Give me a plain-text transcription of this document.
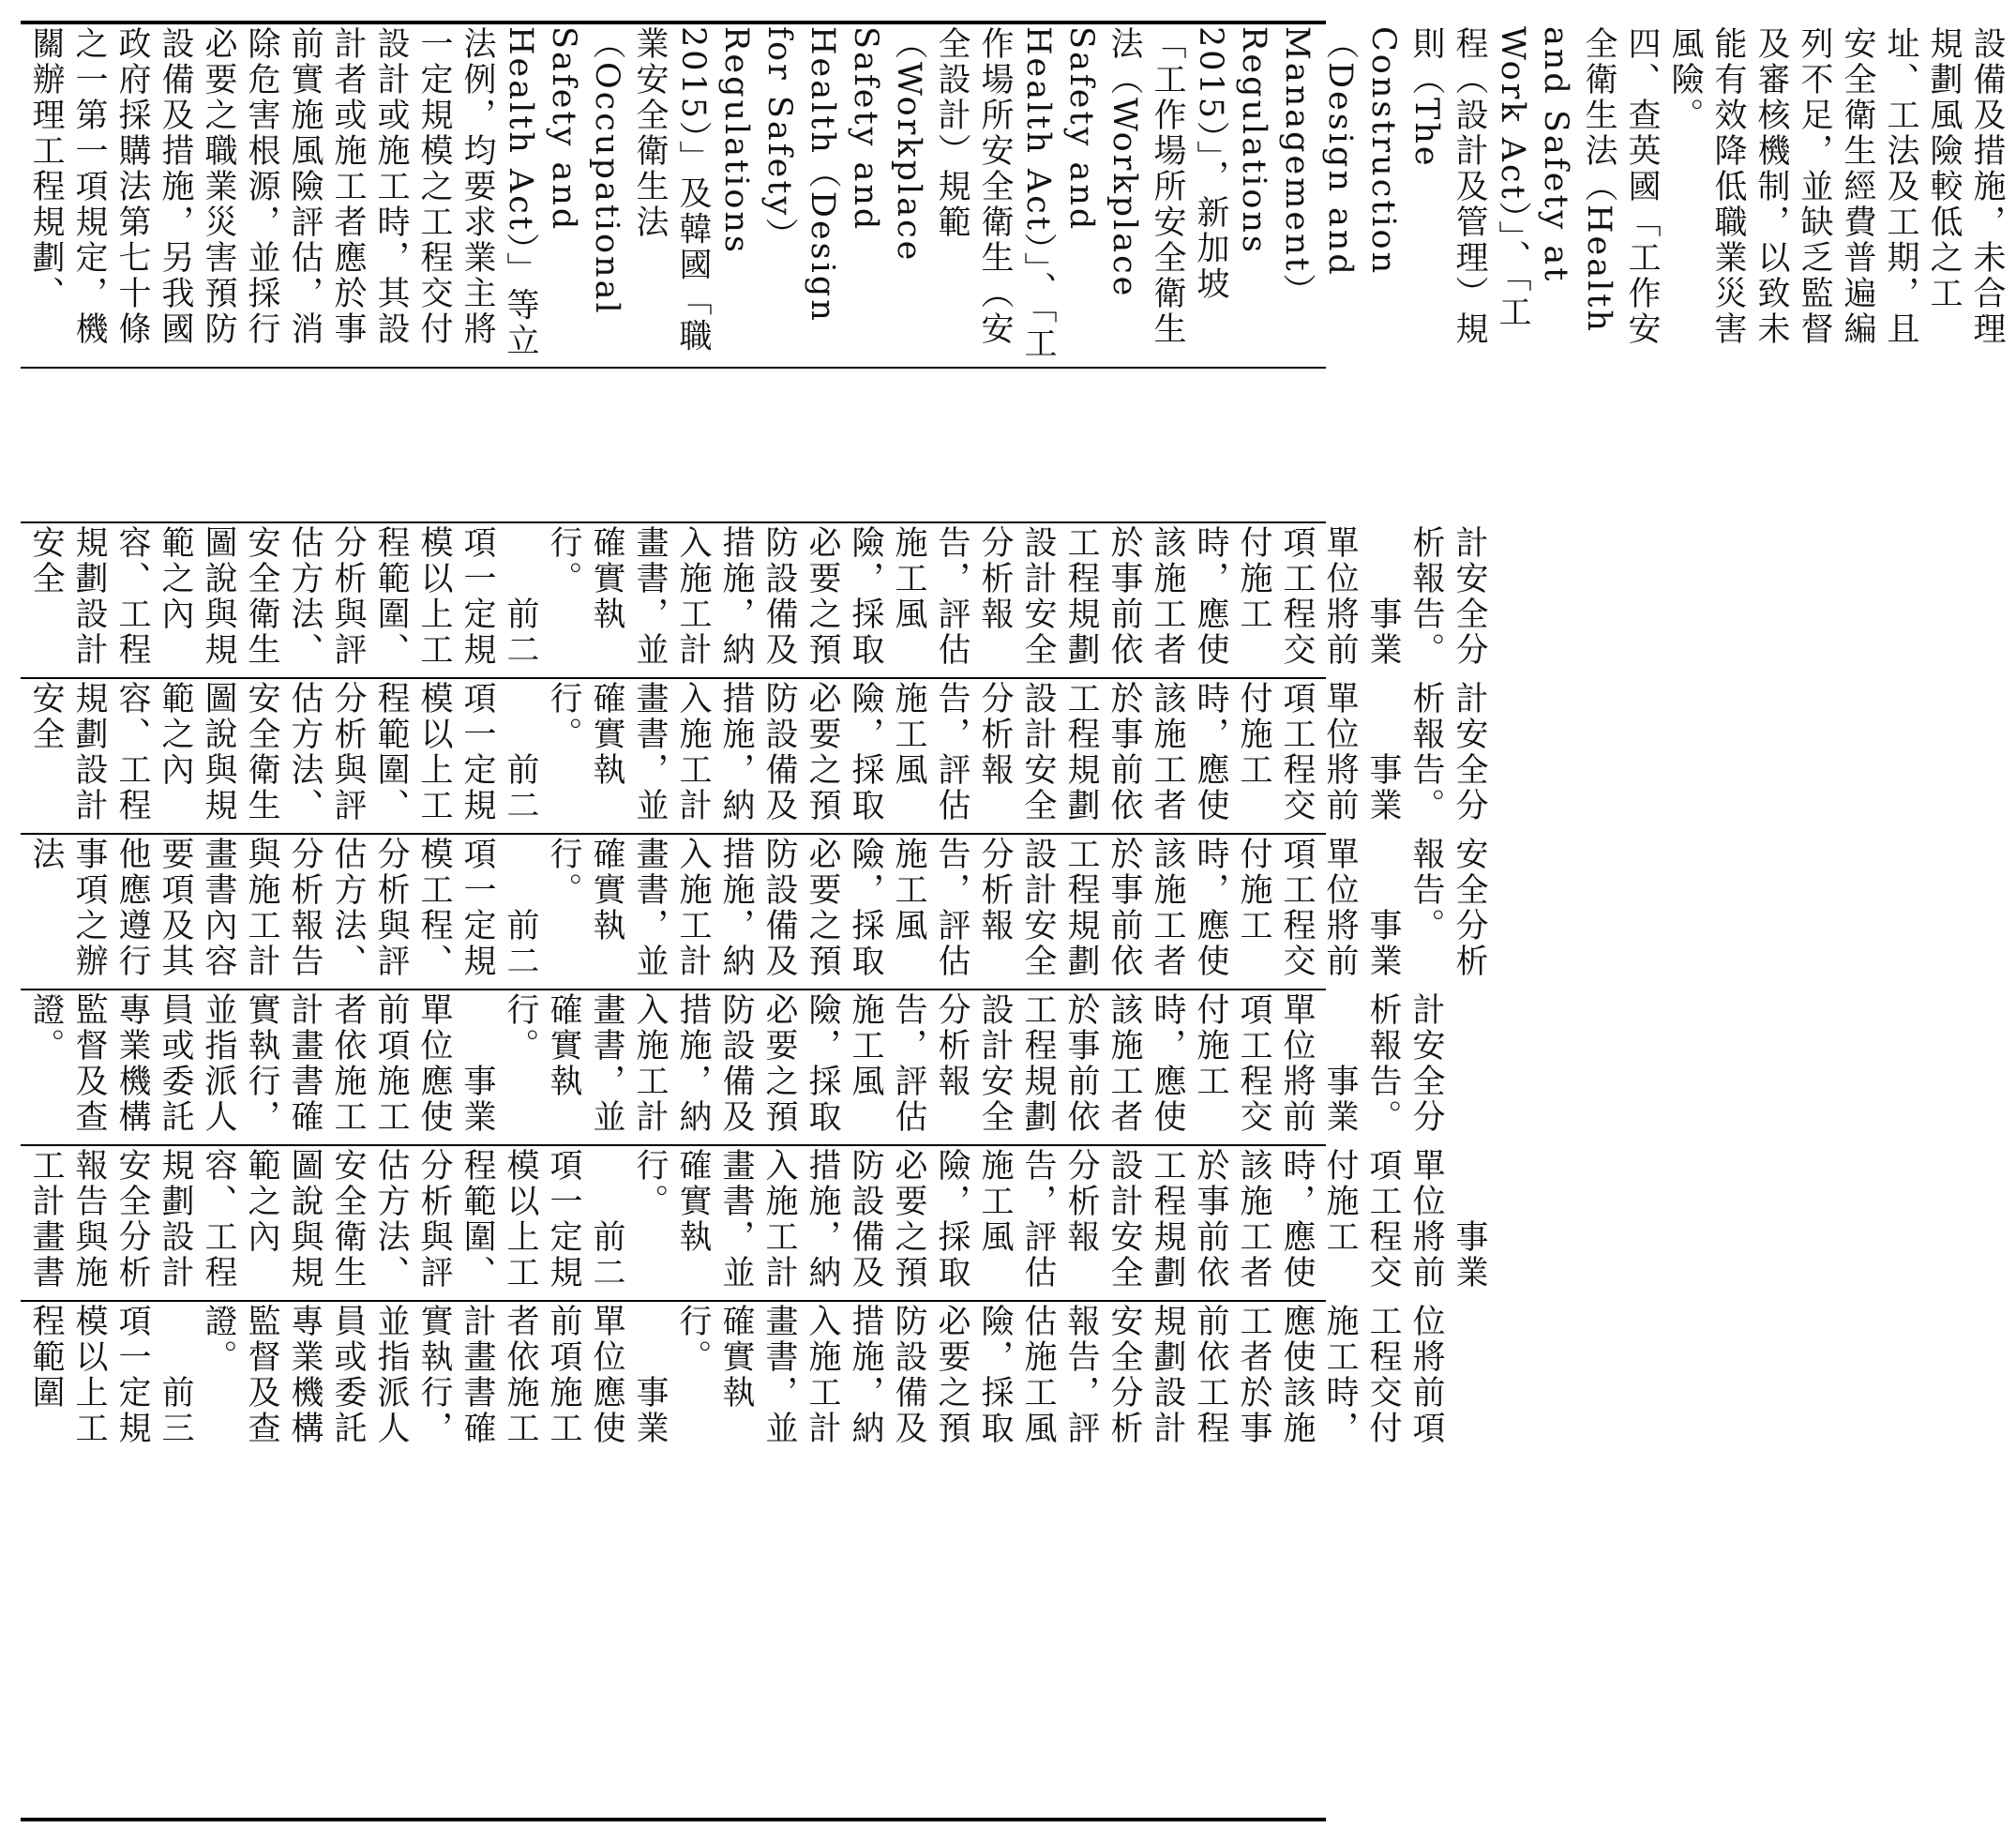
設備及措施，未合理規劃風險較低之工址、工法及工期，且安全衛生經費普遍編列不足，並缺乏監督及審核機制，以致未能有效降低職業災害風險。
四、查英國「工作安全衛生法（Health and Safety at Work Act）」、「工程（設計及管理）規則（The Construction（Design and Management）Regulations 2015）」，新加坡「工作場所安全衛生法（Workplace Safety and Health Act）」、「工作場所安全衛生（安全設計）規範（Workplace Safety and Health（Design for Safety）Regulations 2015）」及韓國「職業安全衛生法（Occupational Safety and Health Act）」等立法例，均要求業主將一定規模之工程交付設計或施工時，其設計者或施工者應於事前實施風險評估，消除危害根源，並採行必要之職業災害預防設備及措施，另我國政府採購法第七十條之一第一項規定，機關辦理工程規劃、
計安全分析報告。
　　事業單位將前項工程交付施工時，應使該施工者於事前依工程規劃設計安全分析報告，評估施工風險，採取必要之預防設備及措施，納入施工計畫書，並確實執行。
　　前二項一定規模以上工程範圍、分析與評估方法、安全衛生圖說與規範之內容、工程規劃設計安全
計安全分析報告。
　　事業單位將前項工程交付施工時，應使該施工者於事前依工程規劃設計安全分析報告，評估施工風險，採取必要之預防設備及措施，納入施工計畫書，並確實執行。
　　前二項一定規模以上工程範圍、分析與評估方法、安全衛生圖說與規範之內容、工程規劃設計安全
安全分析報告。
　　事業單位將前項工程交付施工時，應使該施工者於事前依工程規劃設計安全分析報告，評估施工風險，採取必要之預防設備及措施，納入施工計畫書，並確實執行。
　　前二項一定規模工程、分析與評估方法、分析報告與施工計畫書內容要項及其他應遵行事項之辦法
計安全分析報告。
　　事業單位將前項工程交付施工時，應使該施工者於事前依工程規劃設計安全分析報告，評估施工風險，採取必要之預防設備及措施，納入施工計畫書，並確實執行。
　　事業單位應使前項施工者依施工計畫書確實執行，並指派人員或委託專業機構監督及查證。
　　事業單位將前項工程交付施工時，應使該施工者於事前依工程規劃設計安全分析報告，評估施工風險，採取必要之預防設備及措施，納入施工計畫書，並確實執行。
　　前二項一定規模以上工程範圍、分析與評估方法、安全衛生圖說與規範之內容、工程規劃設計安全分析報告與施工計畫書
位將前項工程交付施工時，應使該施工者於事前依工程規劃設計安全分析報告，評估施工風險，採取必要之預防設備及措施，納入施工計畫書，並確實執行。
　　事業單位應使前項施工者依施工計畫書確實執行，並指派人員或委託專業機構監督及查證。
　　前三項一定規模以上工程範圍
